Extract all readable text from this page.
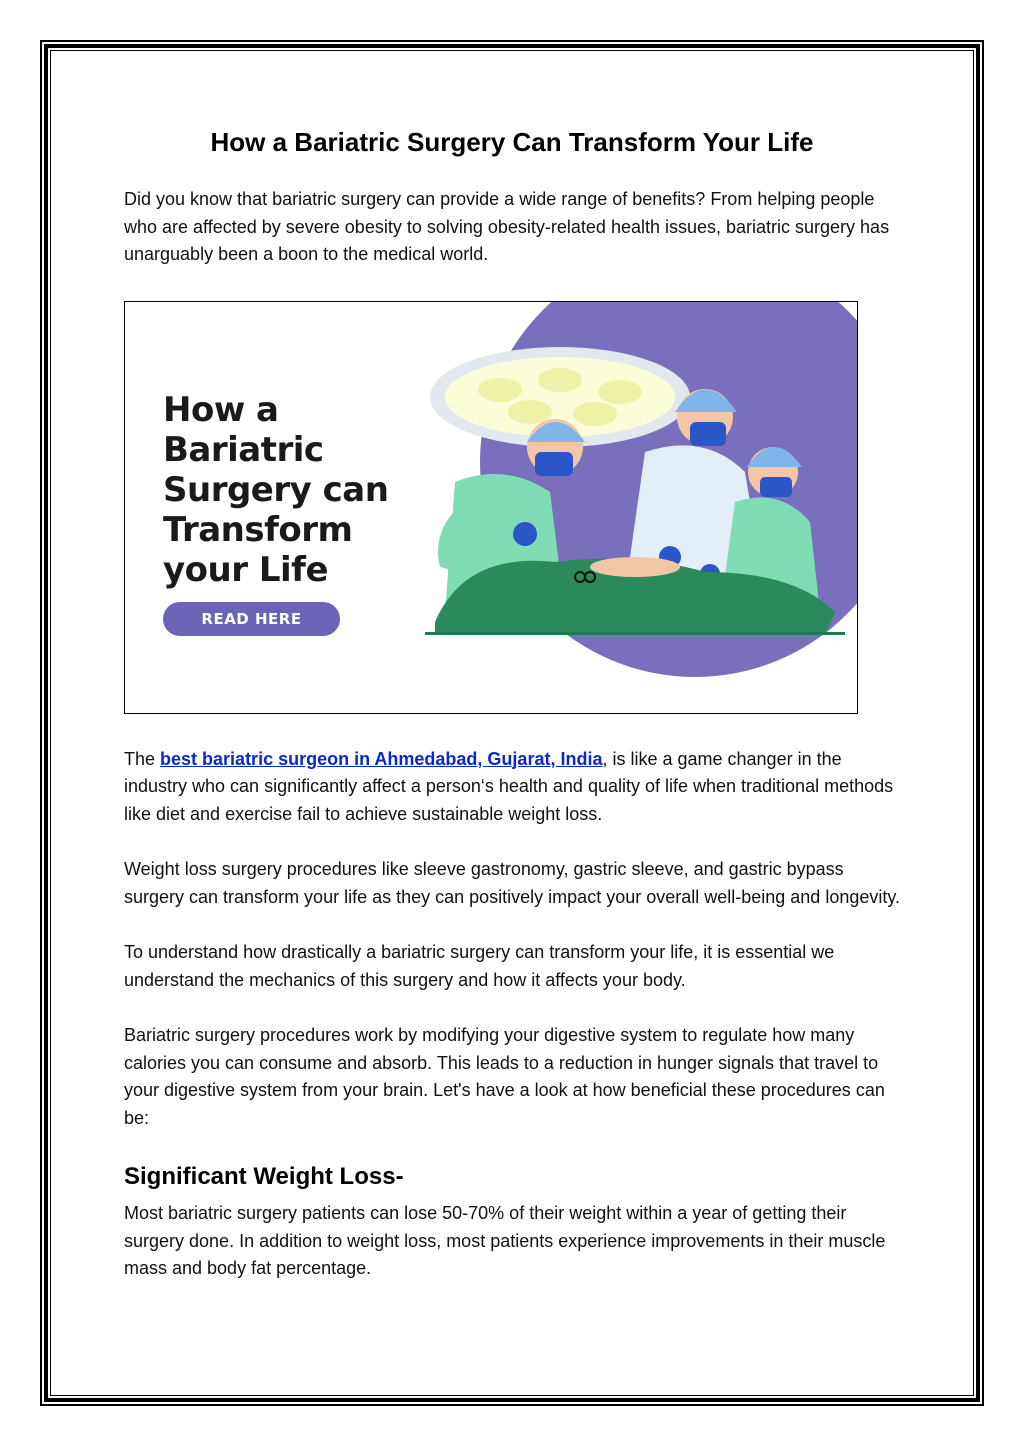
How a Bariatric Surgery Can Transform Your Life

Did you know that bariatric surgery can provide a wide range of benefits? From helping people who are affected by severe obesity to solving obesity-related health issues, bariatric surgery has unarguably been a boon to the medical world.

How a
Bariatric
Surgery can
Transform
your Life
READ HERE

The best bariatric surgeon in Ahmedabad, Gujarat, India, is like a game changer in the industry who can significantly affect a person‘s health and quality of life when traditional methods like diet and exercise fail to achieve sustainable weight loss.

Weight loss surgery procedures like sleeve gastronomy, gastric sleeve, and gastric bypass surgery can transform your life as they can positively impact your overall well-being and longevity.

To understand how drastically a bariatric surgery can transform your life, it is essential we understand the mechanics of this surgery and how it affects your body.

Bariatric surgery procedures work by modifying your digestive system to regulate how many calories you can consume and absorb. This leads to a reduction in hunger signals that travel to your digestive system from your brain. Let's have a look at how beneficial these procedures can be:

Significant Weight Loss-

Most bariatric surgery patients can lose 50-70% of their weight within a year of getting their surgery done. In addition to weight loss, most patients experience improvements in their muscle mass and body fat percentage.
